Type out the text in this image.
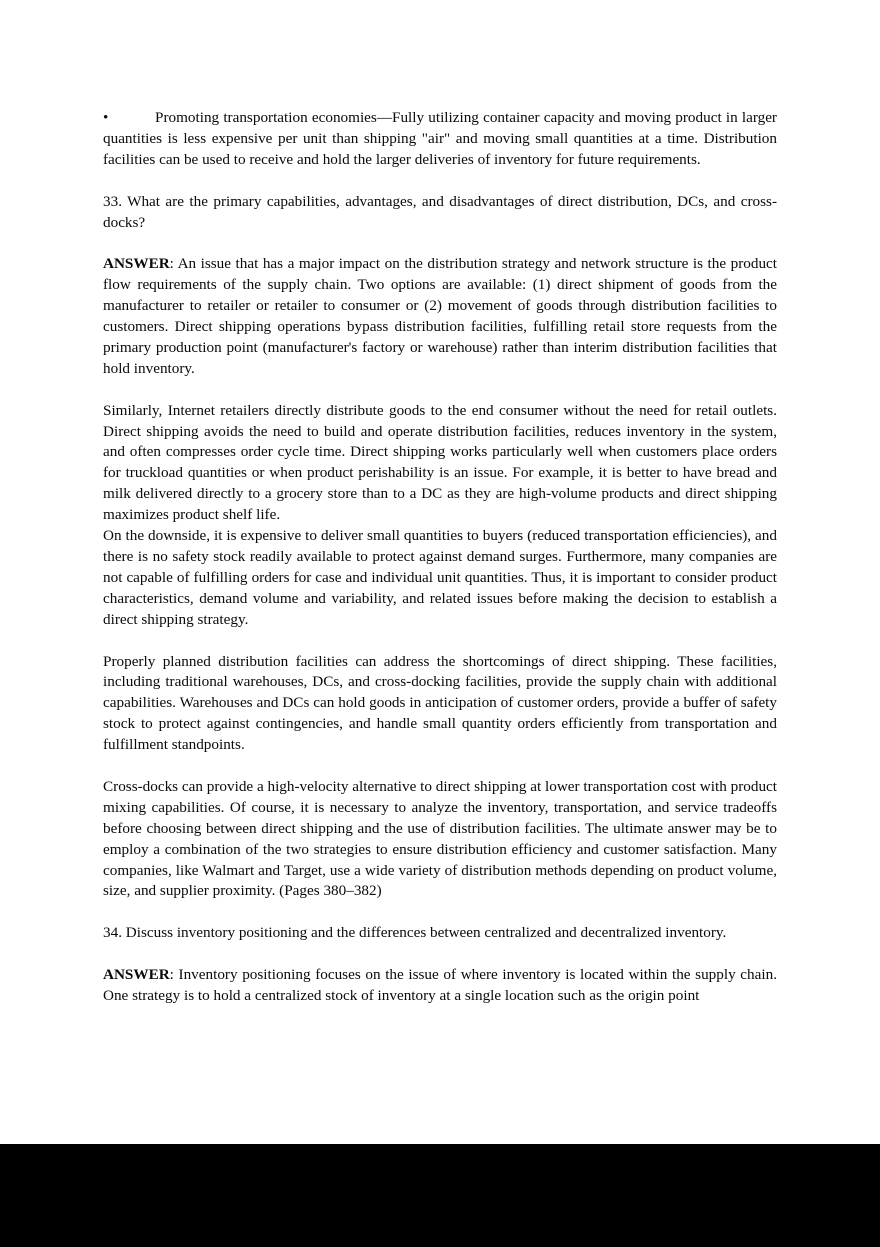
•	Promoting transportation economies—Fully utilizing container capacity and moving product in larger quantities is less expensive per unit than shipping "air" and moving small quantities at a time. Distribution facilities can be used to receive and hold the larger deliveries of inventory for future requirements.

33. What are the primary capabilities, advantages, and disadvantages of direct distribution, DCs, and cross-docks?

ANSWER: An issue that has a major impact on the distribution strategy and network structure is the product flow requirements of the supply chain. Two options are available: (1) direct shipment of goods from the manufacturer to retailer or retailer to consumer or (2) movement of goods through distribution facilities to customers. Direct shipping operations bypass distribution facilities, fulfilling retail store requests from the primary production point (manufacturer's factory or warehouse) rather than interim distribution facilities that hold inventory.

Similarly, Internet retailers directly distribute goods to the end consumer without the need for retail outlets. Direct shipping avoids the need to build and operate distribution facilities, reduces inventory in the system, and often compresses order cycle time. Direct shipping works particularly well when customers place orders for truckload quantities or when product perishability is an issue. For example, it is better to have bread and milk delivered directly to a grocery store than to a DC as they are high-volume products and direct shipping maximizes product shelf life.

On the downside, it is expensive to deliver small quantities to buyers (reduced transportation efficiencies), and there is no safety stock readily available to protect against demand surges. Furthermore, many companies are not capable of fulfilling orders for case and individual unit quantities. Thus, it is important to consider product characteristics, demand volume and variability, and related issues before making the decision to establish a direct shipping strategy.

Properly planned distribution facilities can address the shortcomings of direct shipping. These facilities, including traditional warehouses, DCs, and cross-docking facilities, provide the supply chain with additional capabilities. Warehouses and DCs can hold goods in anticipation of customer orders, provide a buffer of safety stock to protect against contingencies, and handle small quantity orders efficiently from transportation and fulfillment standpoints.

Cross-docks can provide a high-velocity alternative to direct shipping at lower transportation cost with product mixing capabilities. Of course, it is necessary to analyze the inventory, transportation, and service tradeoffs before choosing between direct shipping and the use of distribution facilities. The ultimate answer may be to employ a combination of the two strategies to ensure distribution efficiency and customer satisfaction. Many companies, like Walmart and Target, use a wide variety of distribution methods depending on product volume, size, and supplier proximity. (Pages 380–382)

34. Discuss inventory positioning and the differences between centralized and decentralized inventory.

ANSWER: Inventory positioning focuses on the issue of where inventory is located within the supply chain. One strategy is to hold a centralized stock of inventory at a single location such as the origin point
